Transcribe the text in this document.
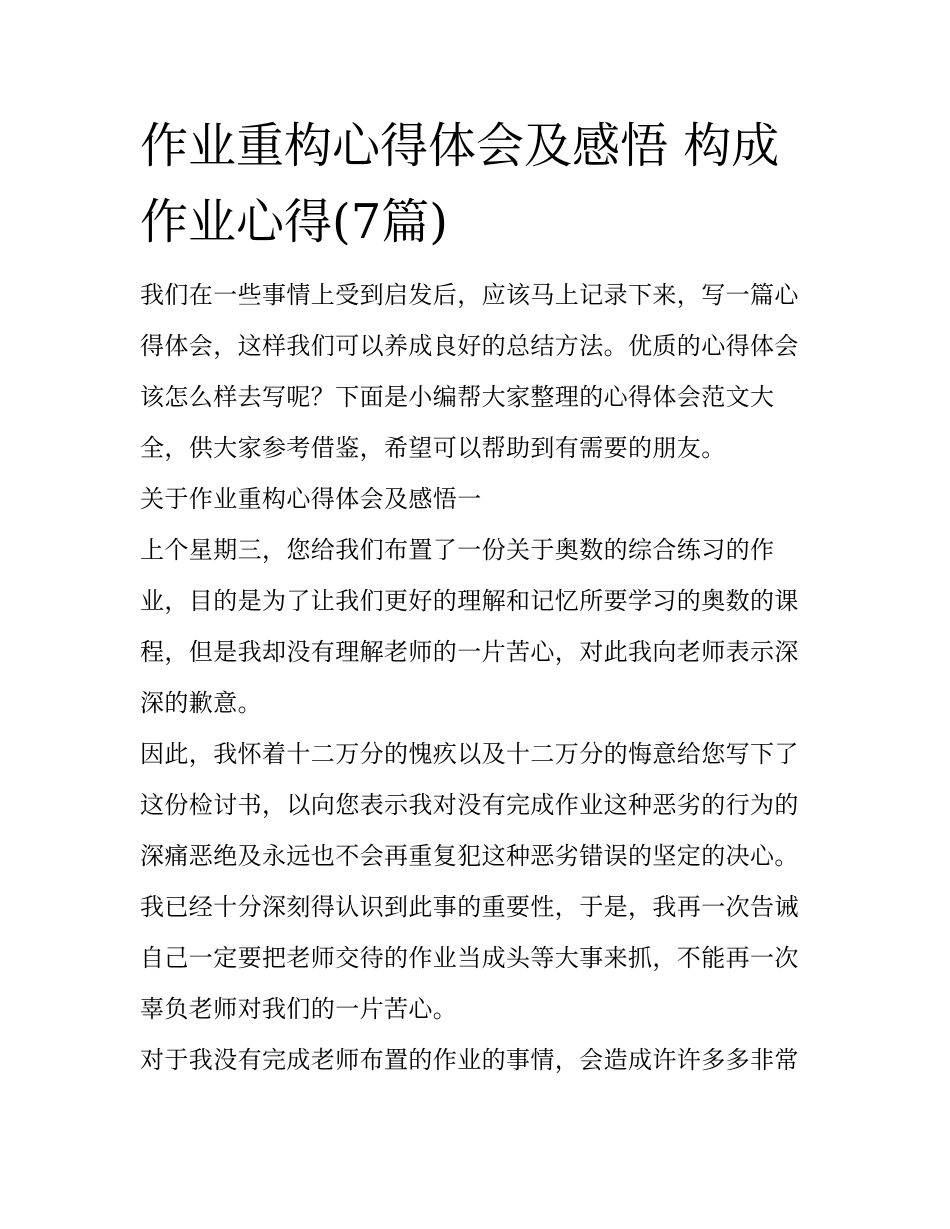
作业重构心得体会及感悟 构成作业心得(7篇)

我们在一些事情上受到启发后，应该马上记录下来，写一篇心得体会，这样我们可以养成良好的总结方法。优质的心得体会该怎么样去写呢？下面是小编帮大家整理的心得体会范文大全，供大家参考借鉴，希望可以帮助到有需要的朋友。

关于作业重构心得体会及感悟一

上个星期三，您给我们布置了一份关于奥数的综合练习的作业，目的是为了让我们更好的理解和记忆所要学习的奥数的课程，但是我却没有理解老师的一片苦心，对此我向老师表示深深的歉意。

因此，我怀着十二万分的愧疚以及十二万分的悔意给您写下了这份检讨书，以向您表示我对没有完成作业这种恶劣的行为的深痛恶绝及永远也不会再重复犯这种恶劣错误的坚定的决心。

我已经十分深刻得认识到此事的重要性，于是，我再一次告诫自己一定要把老师交待的作业当成头等大事来抓，不能再一次辜负老师对我们的一片苦心。

对于我没有完成老师布置的作业的事情，会造成许许多多非常
